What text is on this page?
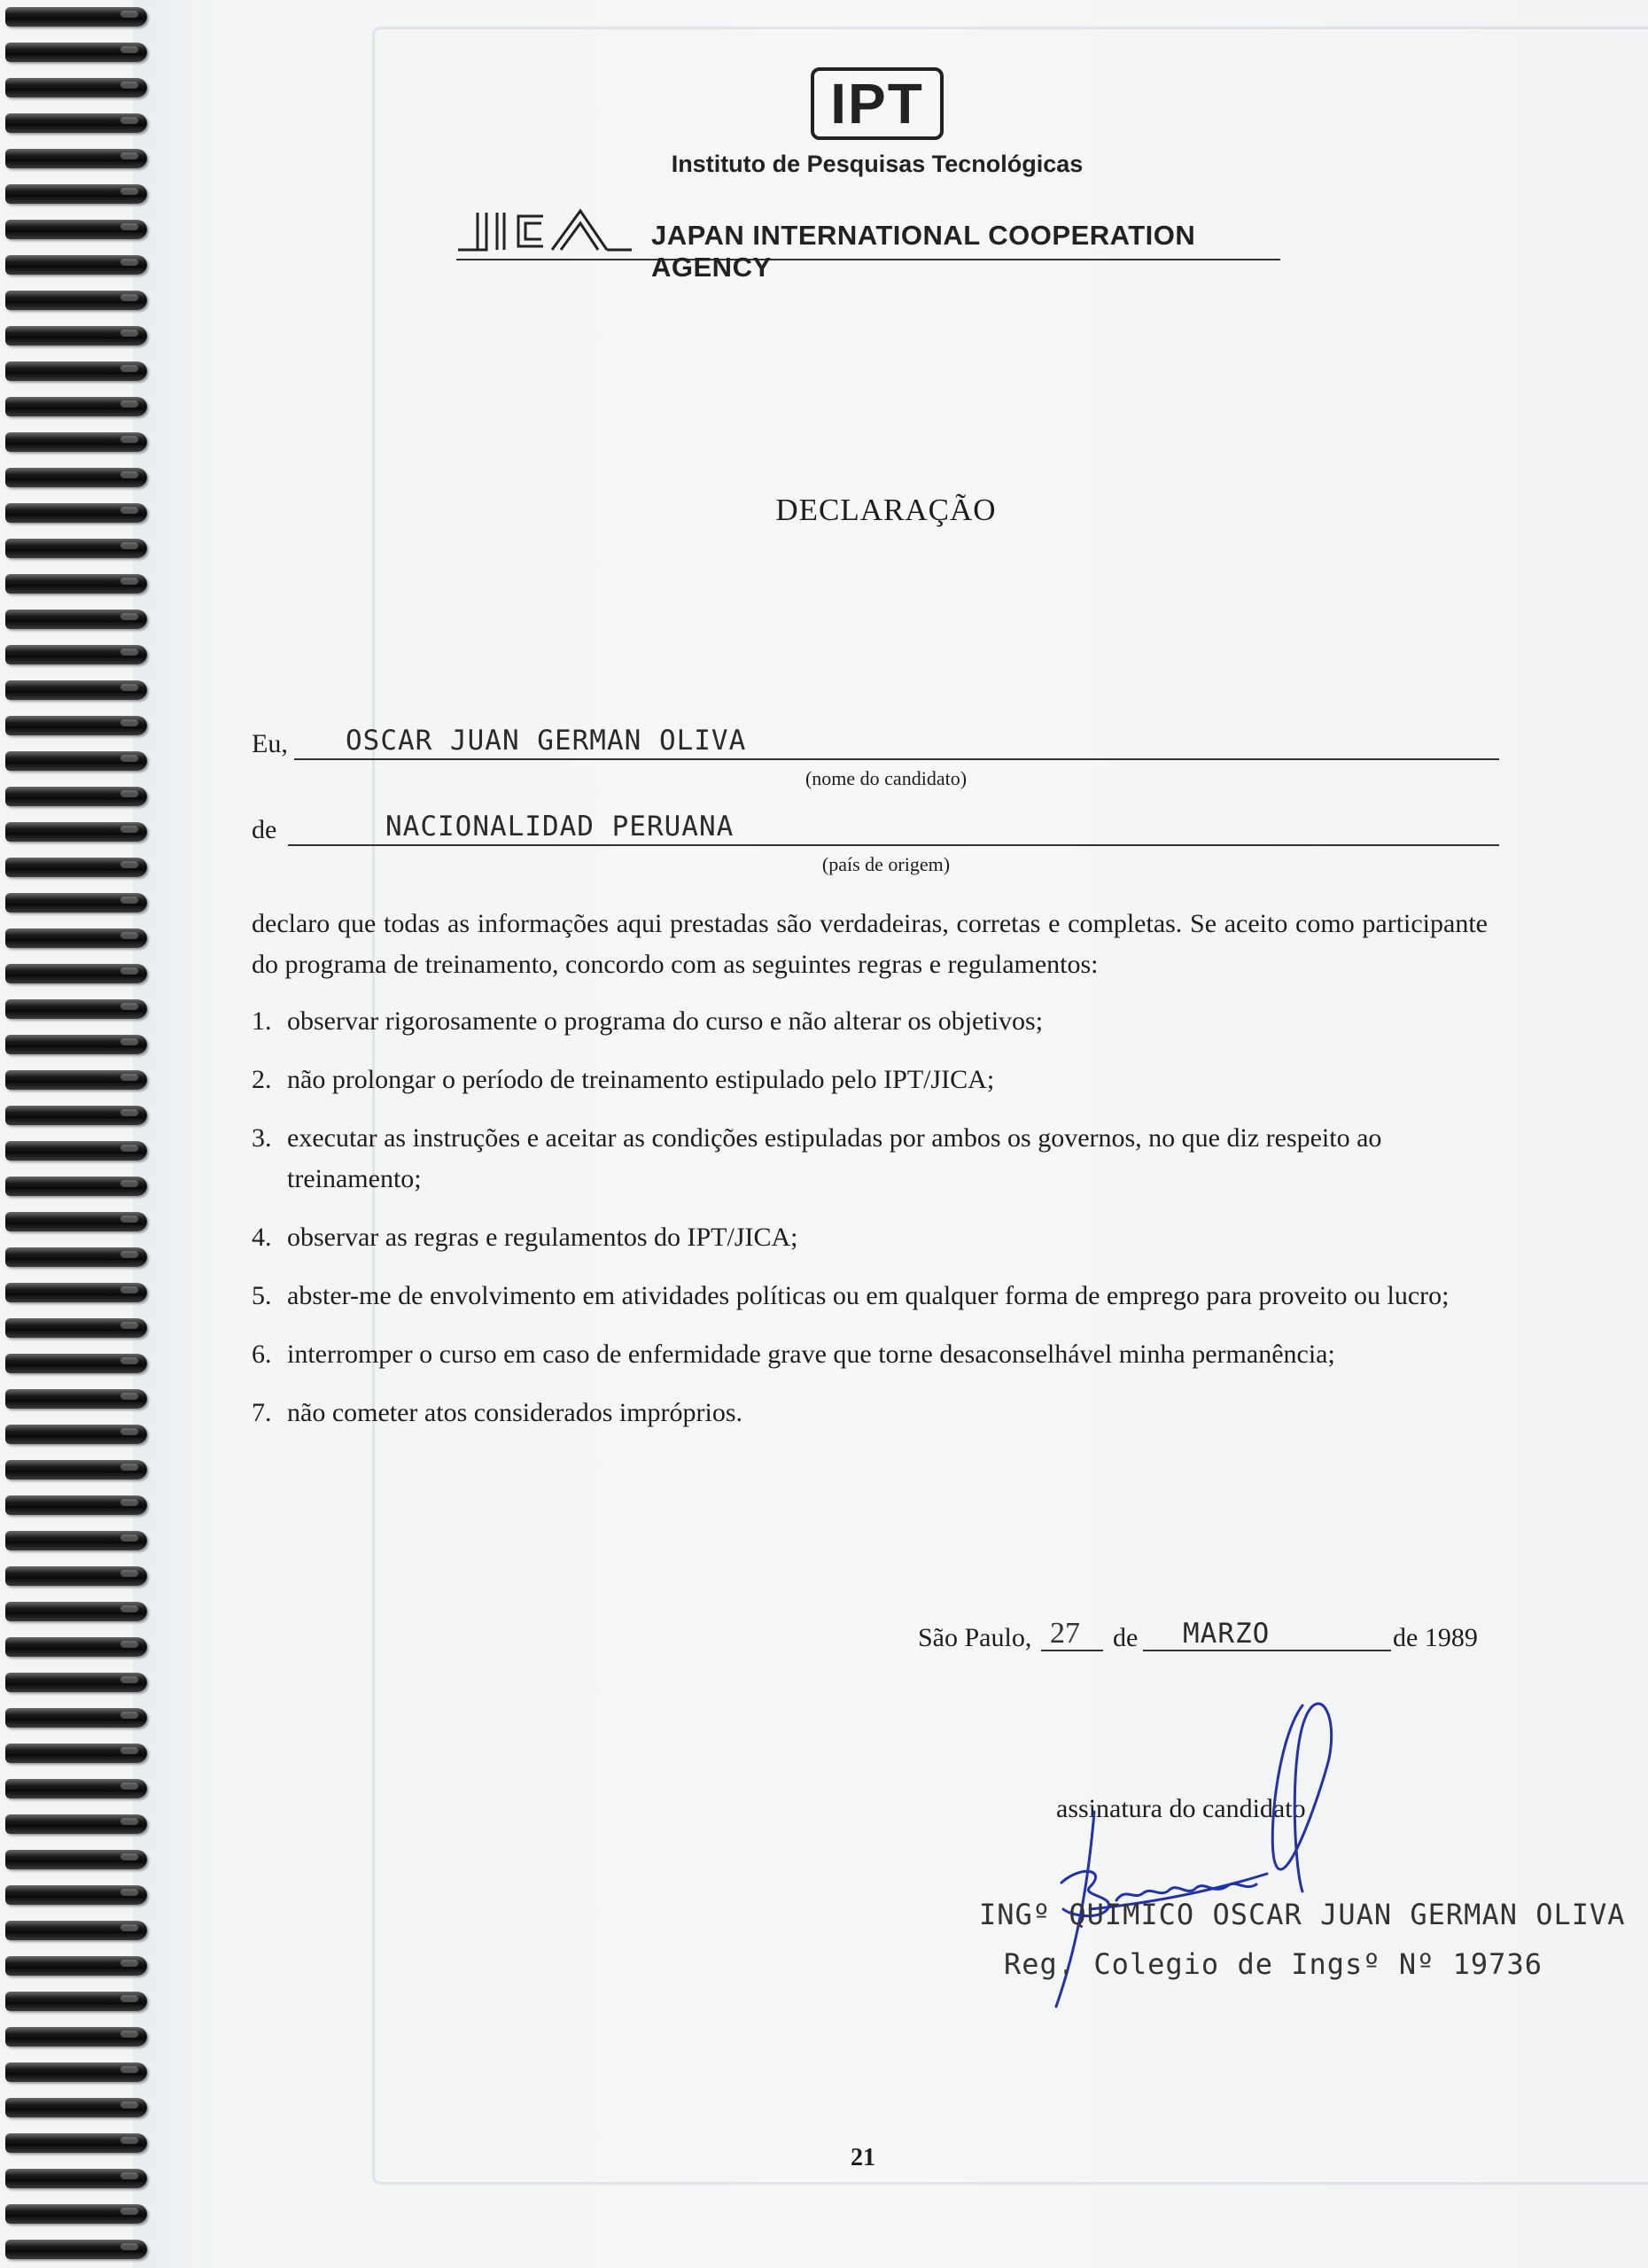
IPT
Instituto de Pesquisas Tecnológicas
JAPAN INTERNATIONAL COOPERATION AGENCY
DECLARAÇÃO
Eu, OSCAR JUAN GERMAN OLIVA
(nome do candidato)
de	NACIONALIDAD PERUANA
(país de origem)
declaro que todas as informações aqui prestadas são verdadeiras, corretas e completas. Se aceito como participante do programa de treinamento, concordo com as seguintes regras e regulamentos:
1. observar rigorosamente o programa do curso e não alterar os objetivos;
2. não prolongar o período de treinamento estipulado pelo IPT/JICA;
3. executar as instruções e aceitar as condições estipuladas por ambos os governos, no que diz respeito ao treinamento;
4. observar as regras e regulamentos do IPT/JICA;
5. abster-me de envolvimento em atividades políticas ou em qualquer forma de emprego para proveito ou lucro;
6. interromper o curso em caso de enfermidade grave que torne desaconselhável minha permanência;
7. não cometer atos considerados impróprios.
São Paulo, 27 de MARZO	de 1989
assinatura do candidato
INGº QUIMICO OSCAR JUAN GERMAN OLIVA
Reg. Colegio de Ingsº Nº 19736
21
